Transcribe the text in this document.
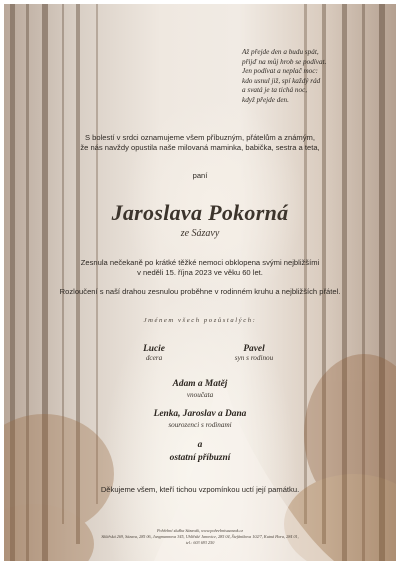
Až přejde den a budu spát,
přijď na můj hrob se podívat.
Jen podívat a neplač moc:
kdo usnul již, spí každý rád
a svatá je ta tichá noc,
když přejde den.
S bolestí v srdci oznamujeme všem příbuzným, přátelům a známým,
že nás navždy opustila naše milovaná maminka, babička, sestra a teta,
paní
Jaroslava Pokorná
ze Sázavy
Zesnula nečekaně po krátké těžké nemoci obklopena svými nejbližšími
v neděli 15. října 2023 ve věku 60 let.
Rozloučení s naší drahou zesnulou proběhne v rodinném kruhu a nejbližších přátel.
Jménem všech pozůstalých:
Lucie
dcera
Pavel
syn s rodinou
Adam a Matěj
vnoučata
Lenka, Jaroslav a Dana
sourozenci s rodinami
a
ostatní příbuzní
Děkujeme všem, kteří tichou vzpomínkou uctí její památku.
Pohřební služba Sázavák, www.pohrebnisazavak.cz
Sklářská 269, Sázava, 285 06, Jungmannova 345, Uhlířské Janovice, 285 04, Štefánikova 102/7, Kutná Hora, 284 01,
tel.: 603 693 250
